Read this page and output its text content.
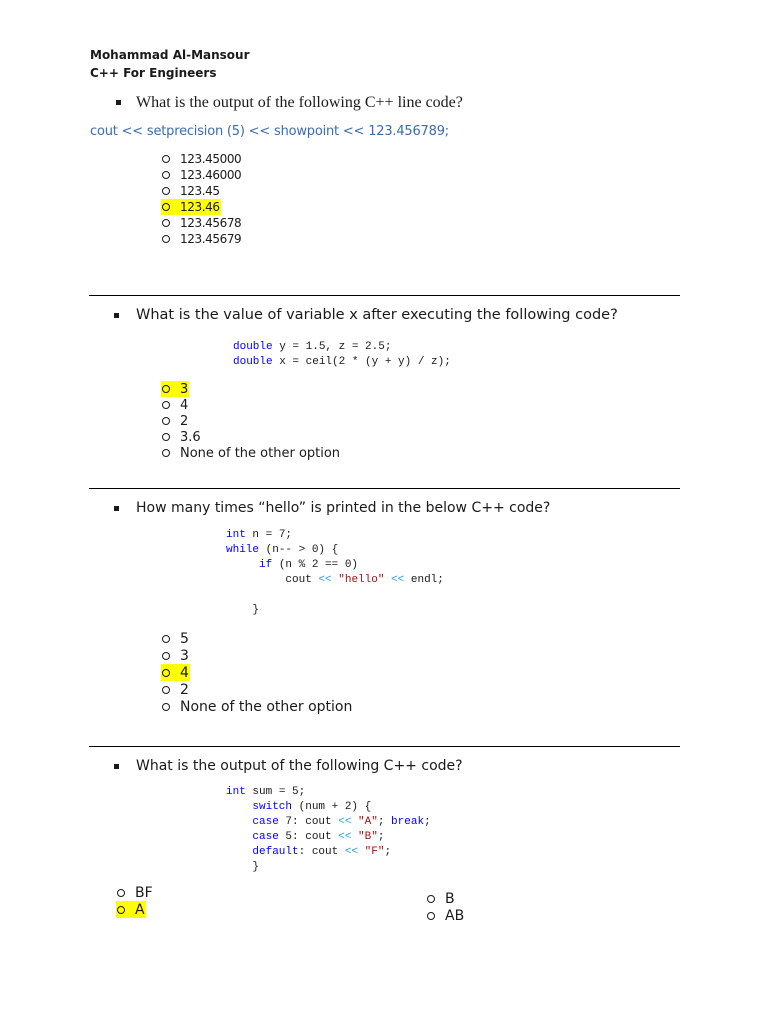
Mohammad Al-Mansour
C++ For Engineers
What is the output of the following C++ line code?
cout << setprecision (5) << showpoint << 123.456789;
123.45000
123.46000
123.45
123.46
123.45678
123.45679
What is the value of variable x after executing the following code?
double y = 1.5, z = 2.5;
double x = ceil(2 * (y + y) / z);
3
4
2
3.6
None of the other option
How many times “hello” is printed in the below C++ code?
int n = 7;
while (n-- > 0) {
if (n % 2 == 0)
cout << "hello" << endl;

}
5
3
4
2
None of the other option
What is the output of the following C++ code?
int sum = 5;
switch (num + 2) {
case 7: cout << "A"; break;
case 5: cout << "B";
default: cout << "F";
}
BF
A
B
AB
